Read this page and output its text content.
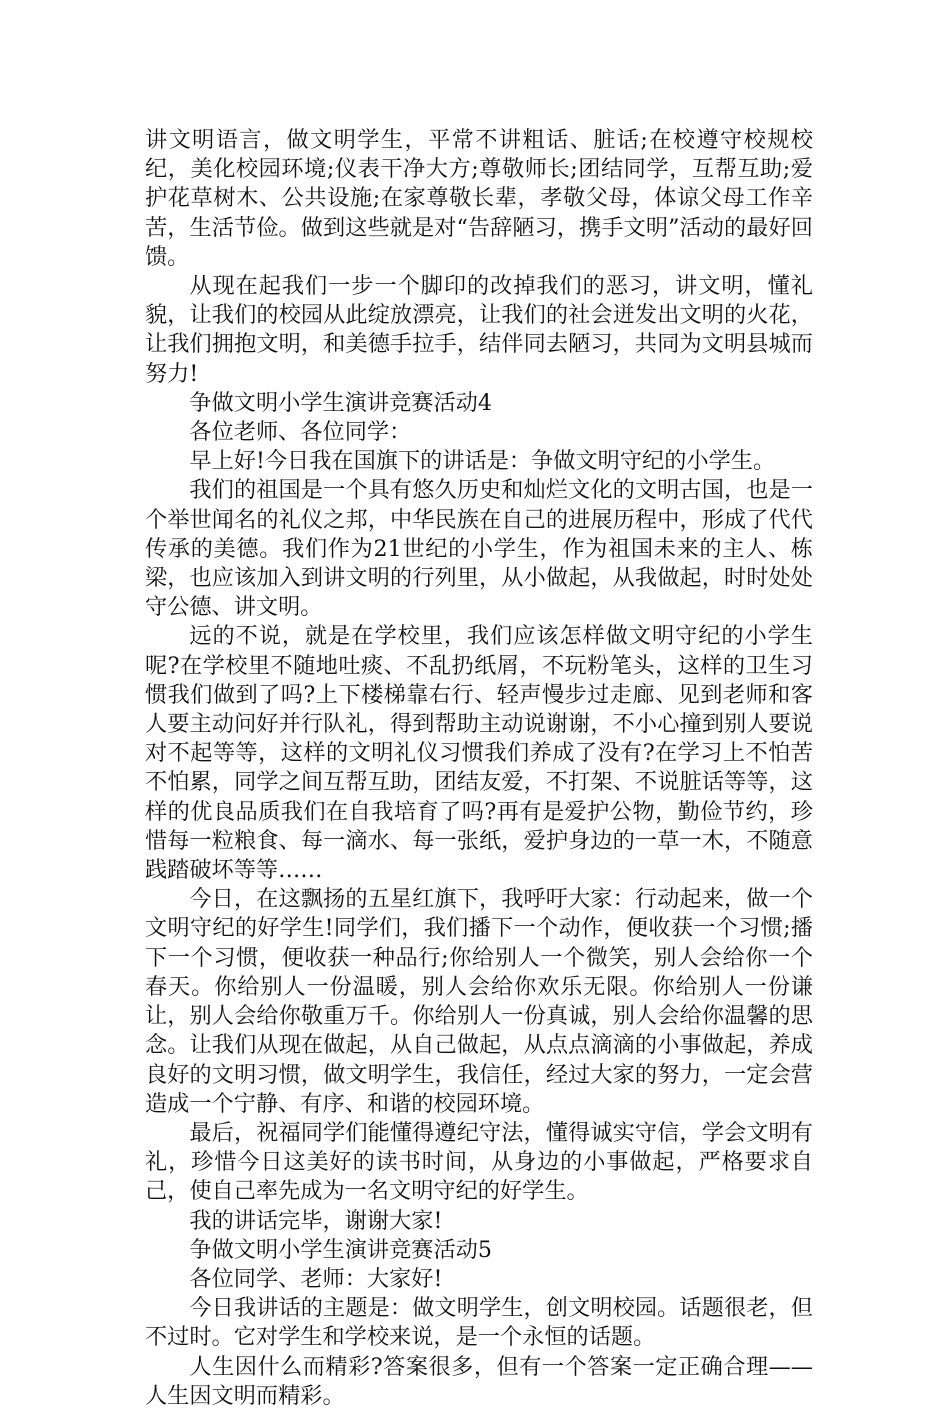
讲文明语言，做文明学生，平常不讲粗话、脏话;在校遵守校规校纪，美化校园环境;仪表干净大方;尊敬师长;团结同学，互帮互助;爱护花草树木、公共设施;在家尊敬长辈，孝敬父母，体谅父母工作辛苦，生活节俭。做到这些就是对“告辞陋习，携手文明”活动的最好回馈。

从现在起我们一步一个脚印的改掉我们的恶习，讲文明，懂礼貌，让我们的校园从此绽放漂亮，让我们的社会迸发出文明的火花，让我们拥抱文明，和美德手拉手，结伴同去陋习，共同为文明县城而努力!

争做文明小学生演讲竞赛活动4

各位老师、各位同学：

早上好!今日我在国旗下的讲话是：争做文明守纪的小学生。

我们的祖国是一个具有悠久历史和灿烂文化的文明古国，也是一个举世闻名的礼仪之邦，中华民族在自己的进展历程中，形成了代代传承的美德。我们作为21世纪的小学生，作为祖国未来的主人、栋梁，也应该加入到讲文明的行列里，从小做起，从我做起，时时处处守公德、讲文明。

远的不说，就是在学校里，我们应该怎样做文明守纪的小学生呢?在学校里不随地吐痰、不乱扔纸屑，不玩粉笔头，这样的卫生习惯我们做到了吗?上下楼梯靠右行、轻声慢步过走廊、见到老师和客人要主动问好并行队礼，得到帮助主动说谢谢，不小心撞到别人要说对不起等等，这样的文明礼仪习惯我们养成了没有?在学习上不怕苦不怕累，同学之间互帮互助，团结友爱，不打架、不说脏话等等，这样的优良品质我们在自我培育了吗?再有是爱护公物，勤俭节约，珍惜每一粒粮食、每一滴水、每一张纸，爱护身边的一草一木，不随意践踏破坏等等……

今日，在这飘扬的五星红旗下，我呼吁大家：行动起来，做一个文明守纪的好学生!同学们，我们播下一个动作，便收获一个习惯;播下一个习惯，便收获一种品行;你给别人一个微笑，别人会给你一个春天。你给别人一份温暖，别人会给你欢乐无限。你给别人一份谦让，别人会给你敬重万千。你给别人一份真诚，别人会给你温馨的思念。让我们从现在做起，从自己做起，从点点滴滴的小事做起，养成良好的文明习惯，做文明学生，我信任，经过大家的努力，一定会营造成一个宁静、有序、和谐的校园环境。

最后，祝福同学们能懂得遵纪守法，懂得诚实守信，学会文明有礼，珍惜今日这美好的读书时间，从身边的小事做起，严格要求自己，使自己率先成为一名文明守纪的好学生。

我的讲话完毕，谢谢大家!

争做文明小学生演讲竞赛活动5

各位同学、老师：大家好!

今日我讲话的主题是：做文明学生，创文明校园。话题很老，但不过时。它对学生和学校来说，是一个永恒的话题。

人生因什么而精彩?答案很多，但有一个答案一定正确合理——人生因文明而精彩。
